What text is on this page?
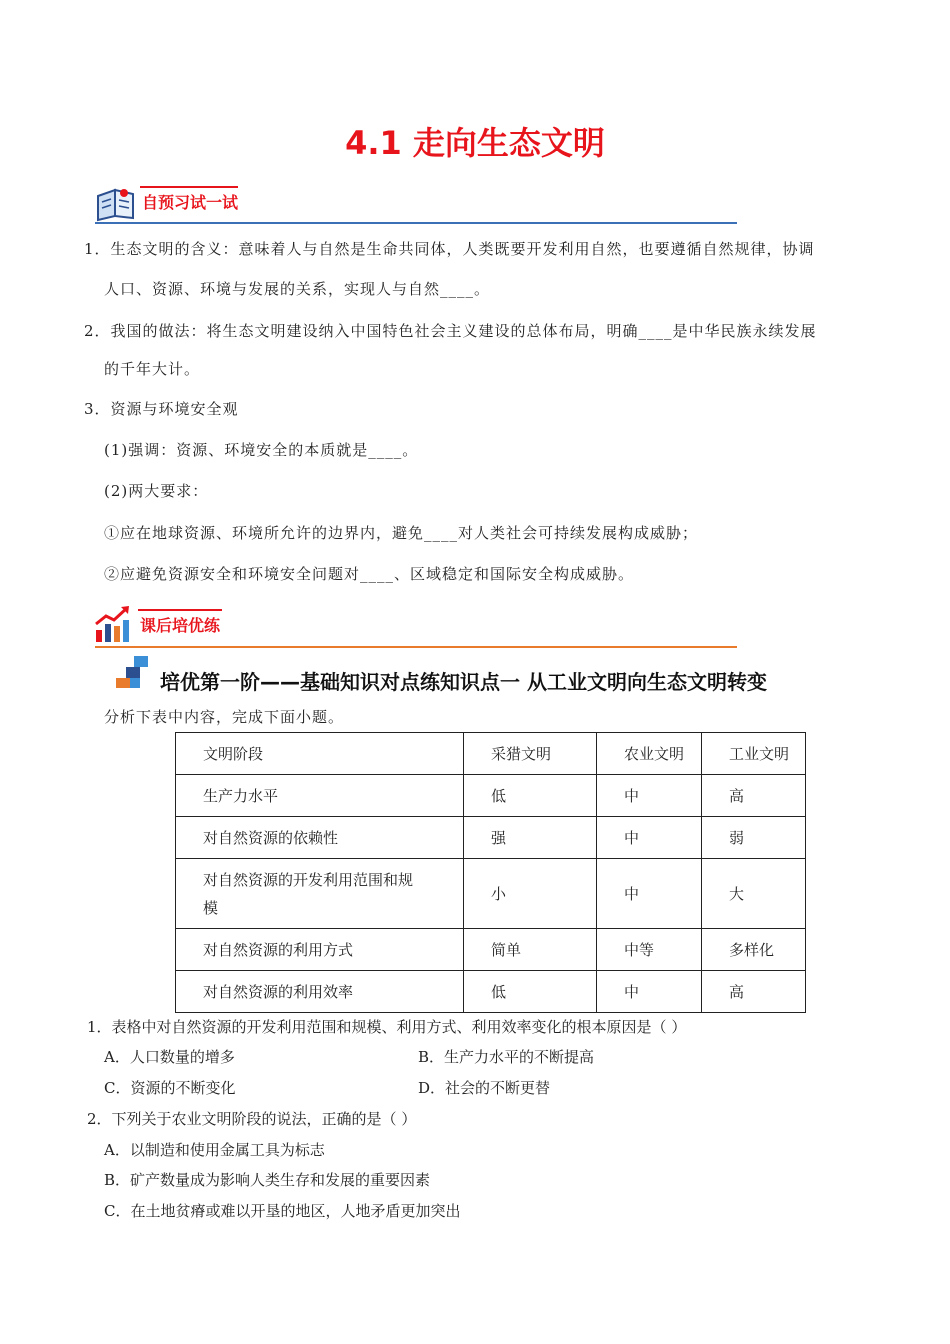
4.1 走向生态文明
自预习试一试
1．生态文明的含义：意味着人与自然是生命共同体，人类既要开发利用自然，也要遵循自然规律，协调
人口、资源、环境与发展的关系，实现人与自然____。
2．我国的做法：将生态文明建设纳入中国特色社会主义建设的总体布局，明确____是中华民族永续发展
的千年大计。
3．资源与环境安全观
(1)强调：资源、环境安全的本质就是____。
(2)两大要求：
①应在地球资源、环境所允许的边界内，避免____对人类社会可持续发展构成威胁；
②应避免资源安全和环境安全问题对____、区域稳定和国际安全构成威胁。
课后培优练
培优第一阶——基础知识对点练知识点一 从工业文明向生态文明转变
分析下表中内容，完成下面小题。
文明阶段	采猎文明	农业文明	工业文明
生产力水平	低	中	高
对自然资源的依赖性	强	中	弱
对自然资源的开发利用范围和规
模	小	中	大
对自然资源的利用方式	简单	中等	多样化
对自然资源的利用效率	低	中	高
1．表格中对自然资源的开发利用范围和规模、利用方式、利用效率变化的根本原因是（ ）
A．人口数量的增多	B．生产力水平的不断提高
C．资源的不断变化	D．社会的不断更替
2．下列关于农业文明阶段的说法，正确的是（ ）
A．以制造和使用金属工具为标志
B．矿产数量成为影响人类生存和发展的重要因素
C．在土地贫瘠或难以开垦的地区，人地矛盾更加突出
